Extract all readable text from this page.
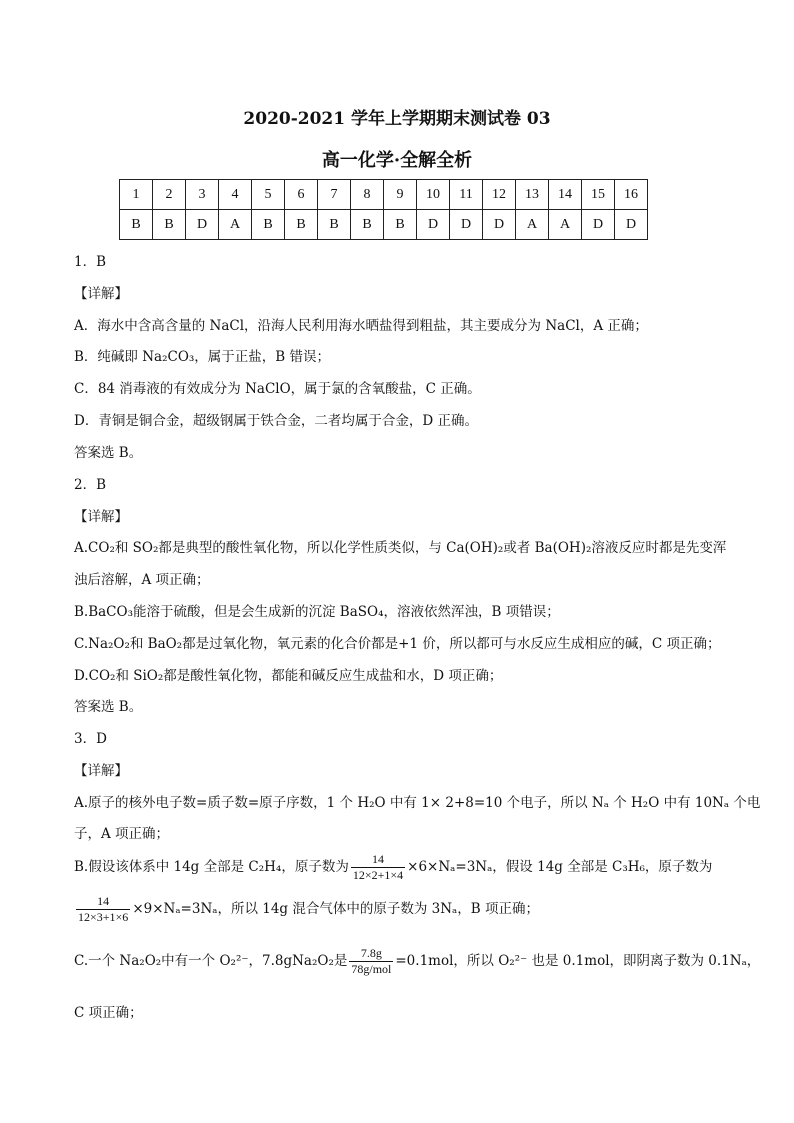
2020-2021 学年上学期期末测试卷 03
高一化学·全解全析
1	2	3	4	5	6	7	8	9	10	11	12	13	14	15	16
B	B	D	A	B	B	B	B	B	D	D	D	A	A	D	D
1．B
【详解】
A．海水中含高含量的 NaCl，沿海人民利用海水晒盐得到粗盐，其主要成分为 NaCl，A 正确；
B．纯碱即 Na₂CO₃，属于正盐，B 错误；
C．84 消毒液的有效成分为 NaClO，属于氯的含氧酸盐，C 正确。
D．青铜是铜合金，超级钢属于铁合金，二者均属于合金，D 正确。
答案选 B。
2．B
【详解】
A.CO₂和 SO₂都是典型的酸性氧化物，所以化学性质类似，与 Ca(OH)₂或者 Ba(OH)₂溶液反应时都是先变浑
浊后溶解，A 项正确；
B.BaCO₃能溶于硫酸，但是会生成新的沉淀 BaSO₄，溶液依然浑浊，B 项错误；
C.Na₂O₂和 BaO₂都是过氧化物，氧元素的化合价都是+1 价，所以都可与水反应生成相应的碱，C 项正确；
D.CO₂和 SiO₂都是酸性氧化物，都能和碱反应生成盐和水，D 项正确；
答案选 B。
3．D
【详解】
A.原子的核外电子数=质子数=原子序数，1 个 H₂O 中有 1× 2+8=10 个电子，所以 Nₐ 个 H₂O 中有 10Nₐ 个电
子，A 项正确；
B.假设该体系中 14g 全部是 C₂H₄，原子数为 $\frac{14}{12\times 2+1\times 4} \times 6\times N_a=3N_a$，假设 14g 全部是 C₃H₆，原子数为
$\frac{14}{12\times 3+1\times 6} \times 9\times N_a=3N_a$，所以 14g 混合气体中的原子数为 3Nₐ，B 项正确；
C.一个 Na₂O₂中有一个 O₂²⁻，7.8gNa₂O₂是 $\frac{7.8g}{\text{78g/mol}} =0.1mol$，所以 O₂²⁻ 也是 0.1mol，即阴离子数为 0.1Nₐ，
C 项正确；
